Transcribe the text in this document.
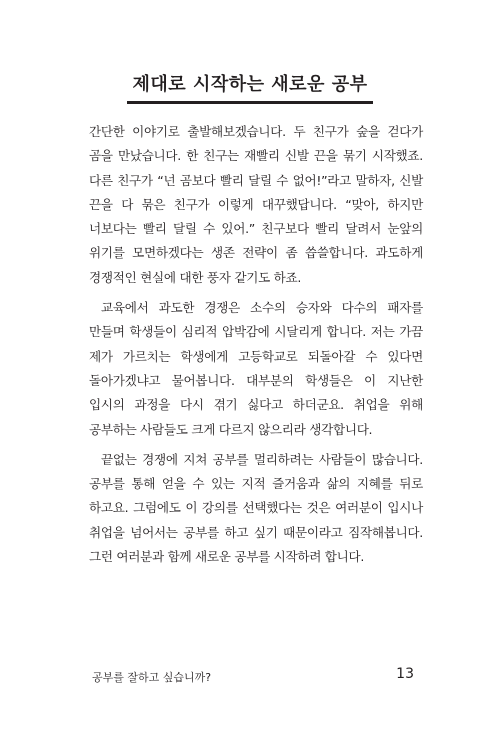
제대로 시작하는 새로운 공부

간단한 이야기로 출발해보겠습니다. 두 친구가 숲을 걷다가 곰을 만났습니다. 한 친구는 재빨리 신발 끈을 묶기 시작했죠. 다른 친구가 “넌 곰보다 빨리 달릴 수 없어!”라고 말하자, 신발 끈을 다 묶은 친구가 이렇게 대꾸했답니다. “맞아, 하지만 너보다는 빨리 달릴 수 있어.” 친구보다 빨리 달려서 눈앞의 위기를 모면하겠다는 생존 전략이 좀 씁쓸합니다. 과도하게 경쟁적인 현실에 대한 풍자 같기도 하죠.

교육에서 과도한 경쟁은 소수의 승자와 다수의 패자를 만들며 학생들이 심리적 압박감에 시달리게 합니다. 저는 가끔 제가 가르치는 학생에게 고등학교로 되돌아갈 수 있다면 돌아가겠냐고 물어봅니다. 대부분의 학생들은 이 지난한 입시의 과정을 다시 겪기 싫다고 하더군요. 취업을 위해 공부하는 사람들도 크게 다르지 않으리라 생각합니다.

끝없는 경쟁에 지쳐 공부를 멀리하려는 사람들이 많습니다. 공부를 통해 얻을 수 있는 지적 즐거움과 삶의 지혜를 뒤로 하고요. 그럼에도 이 강의를 선택했다는 것은 여러분이 입시나 취업을 넘어서는 공부를 하고 싶기 때문이라고 짐작해봅니다. 그런 여러분과 함께 새로운 공부를 시작하려 합니다.

공부를 잘하고 싶습니까?	13
